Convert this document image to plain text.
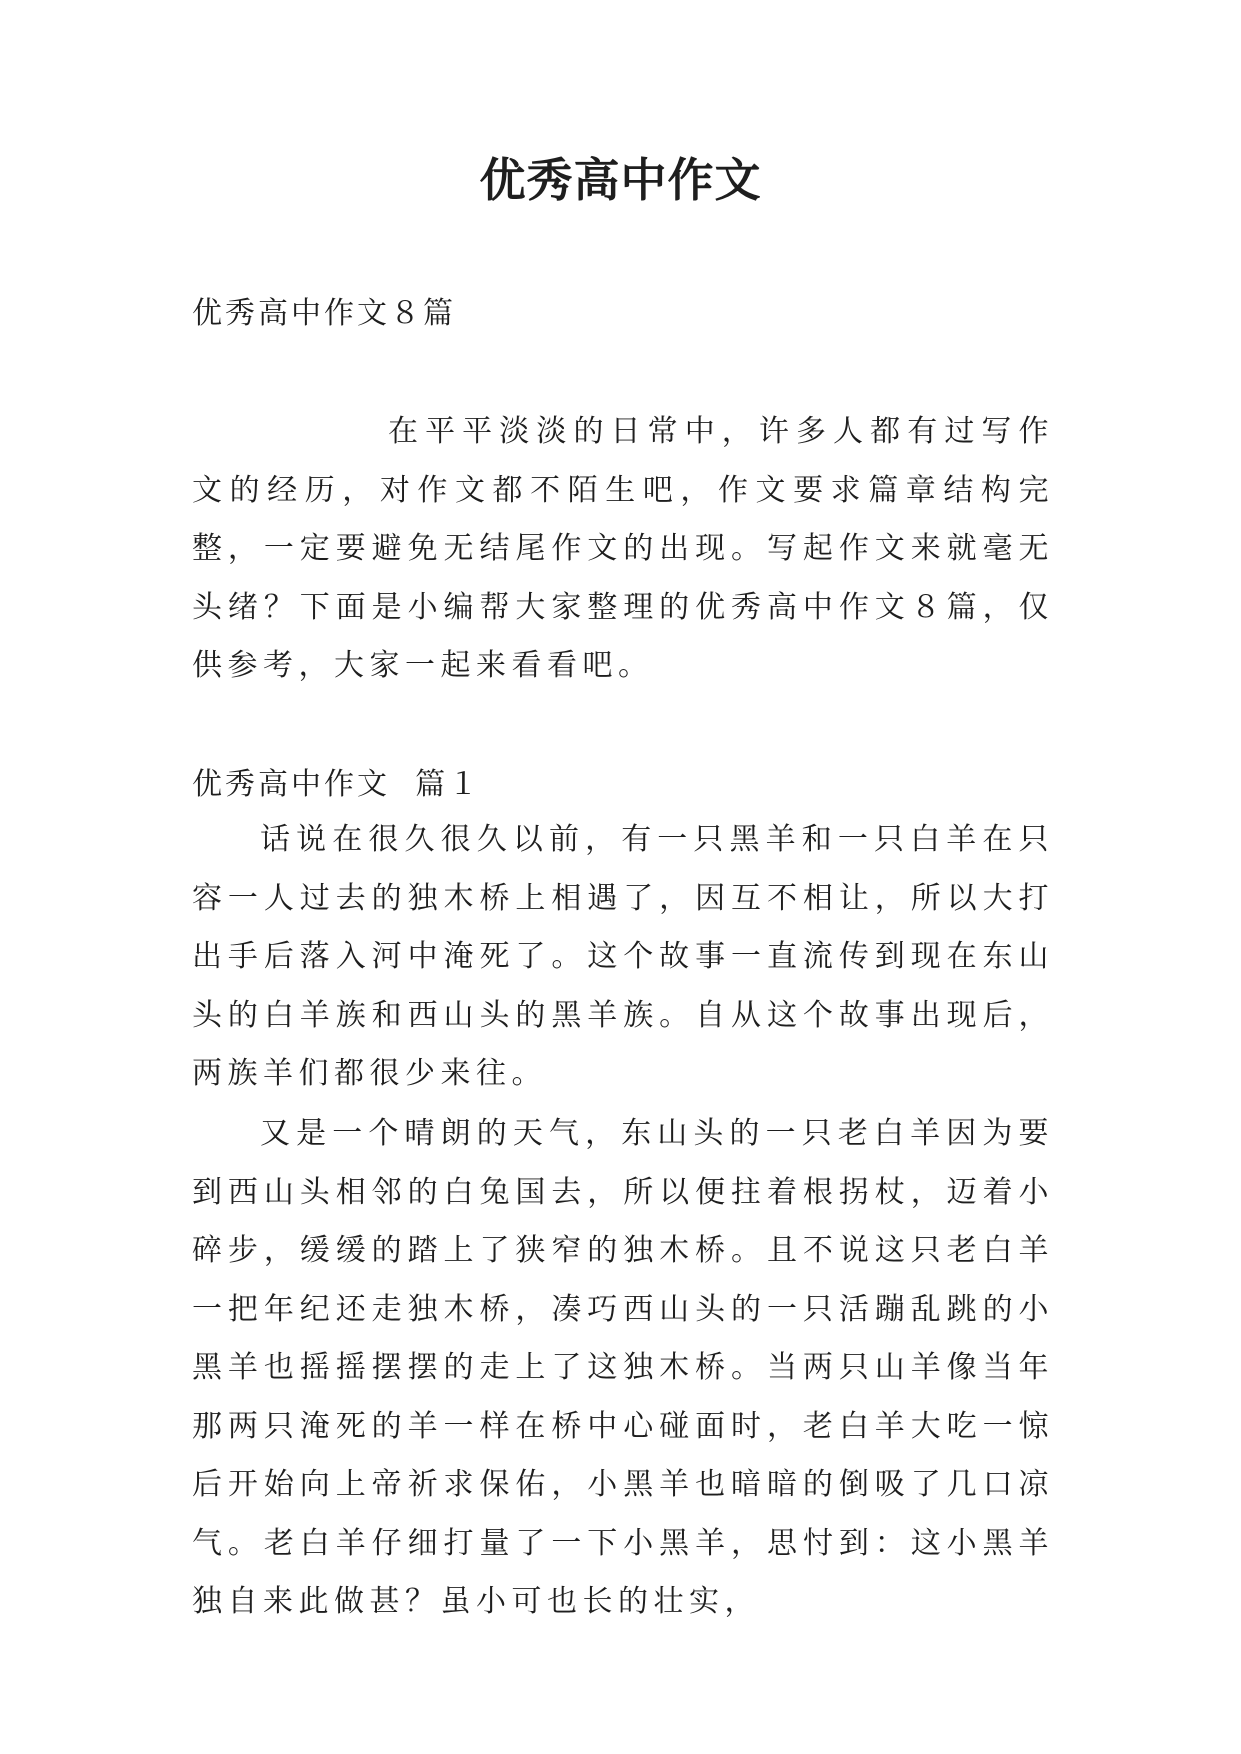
优秀高中作文
优秀高中作文８篇

在平平淡淡的日常中，许多人都有过写作文的经历，对作文都不陌生吧，作文要求篇章结构完整，一定要避免无结尾作文的出现。写起作文来就毫无头绪？下面是小编帮大家整理的优秀高中作文８篇，仅供参考，大家一起来看看吧。

优秀高中作文  篇１

话说在很久很久以前，有一只黑羊和一只白羊在只容一人过去的独木桥上相遇了，因互不相让，所以大打出手后落入河中淹死了。这个故事一直流传到现在东山头的白羊族和西山头的黑羊族。自从这个故事出现后，两族羊们都很少来往。

又是一个晴朗的天气，东山头的一只老白羊因为要到西山头相邻的白兔国去，所以便拄着根拐杖，迈着小碎步，缓缓的踏上了狭窄的独木桥。且不说这只老白羊一把年纪还走独木桥，凑巧西山头的一只活蹦乱跳的小黑羊也摇摇摆摆的走上了这独木桥。当两只山羊像当年那两只淹死的羊一样在桥中心碰面时，老白羊大吃一惊后开始向上帝祈求保佑，小黑羊也暗暗的倒吸了几口凉气。老白羊仔细打量了一下小黑羊，思忖到：这小黑羊独自来此做甚？虽小可也长的壮实，
